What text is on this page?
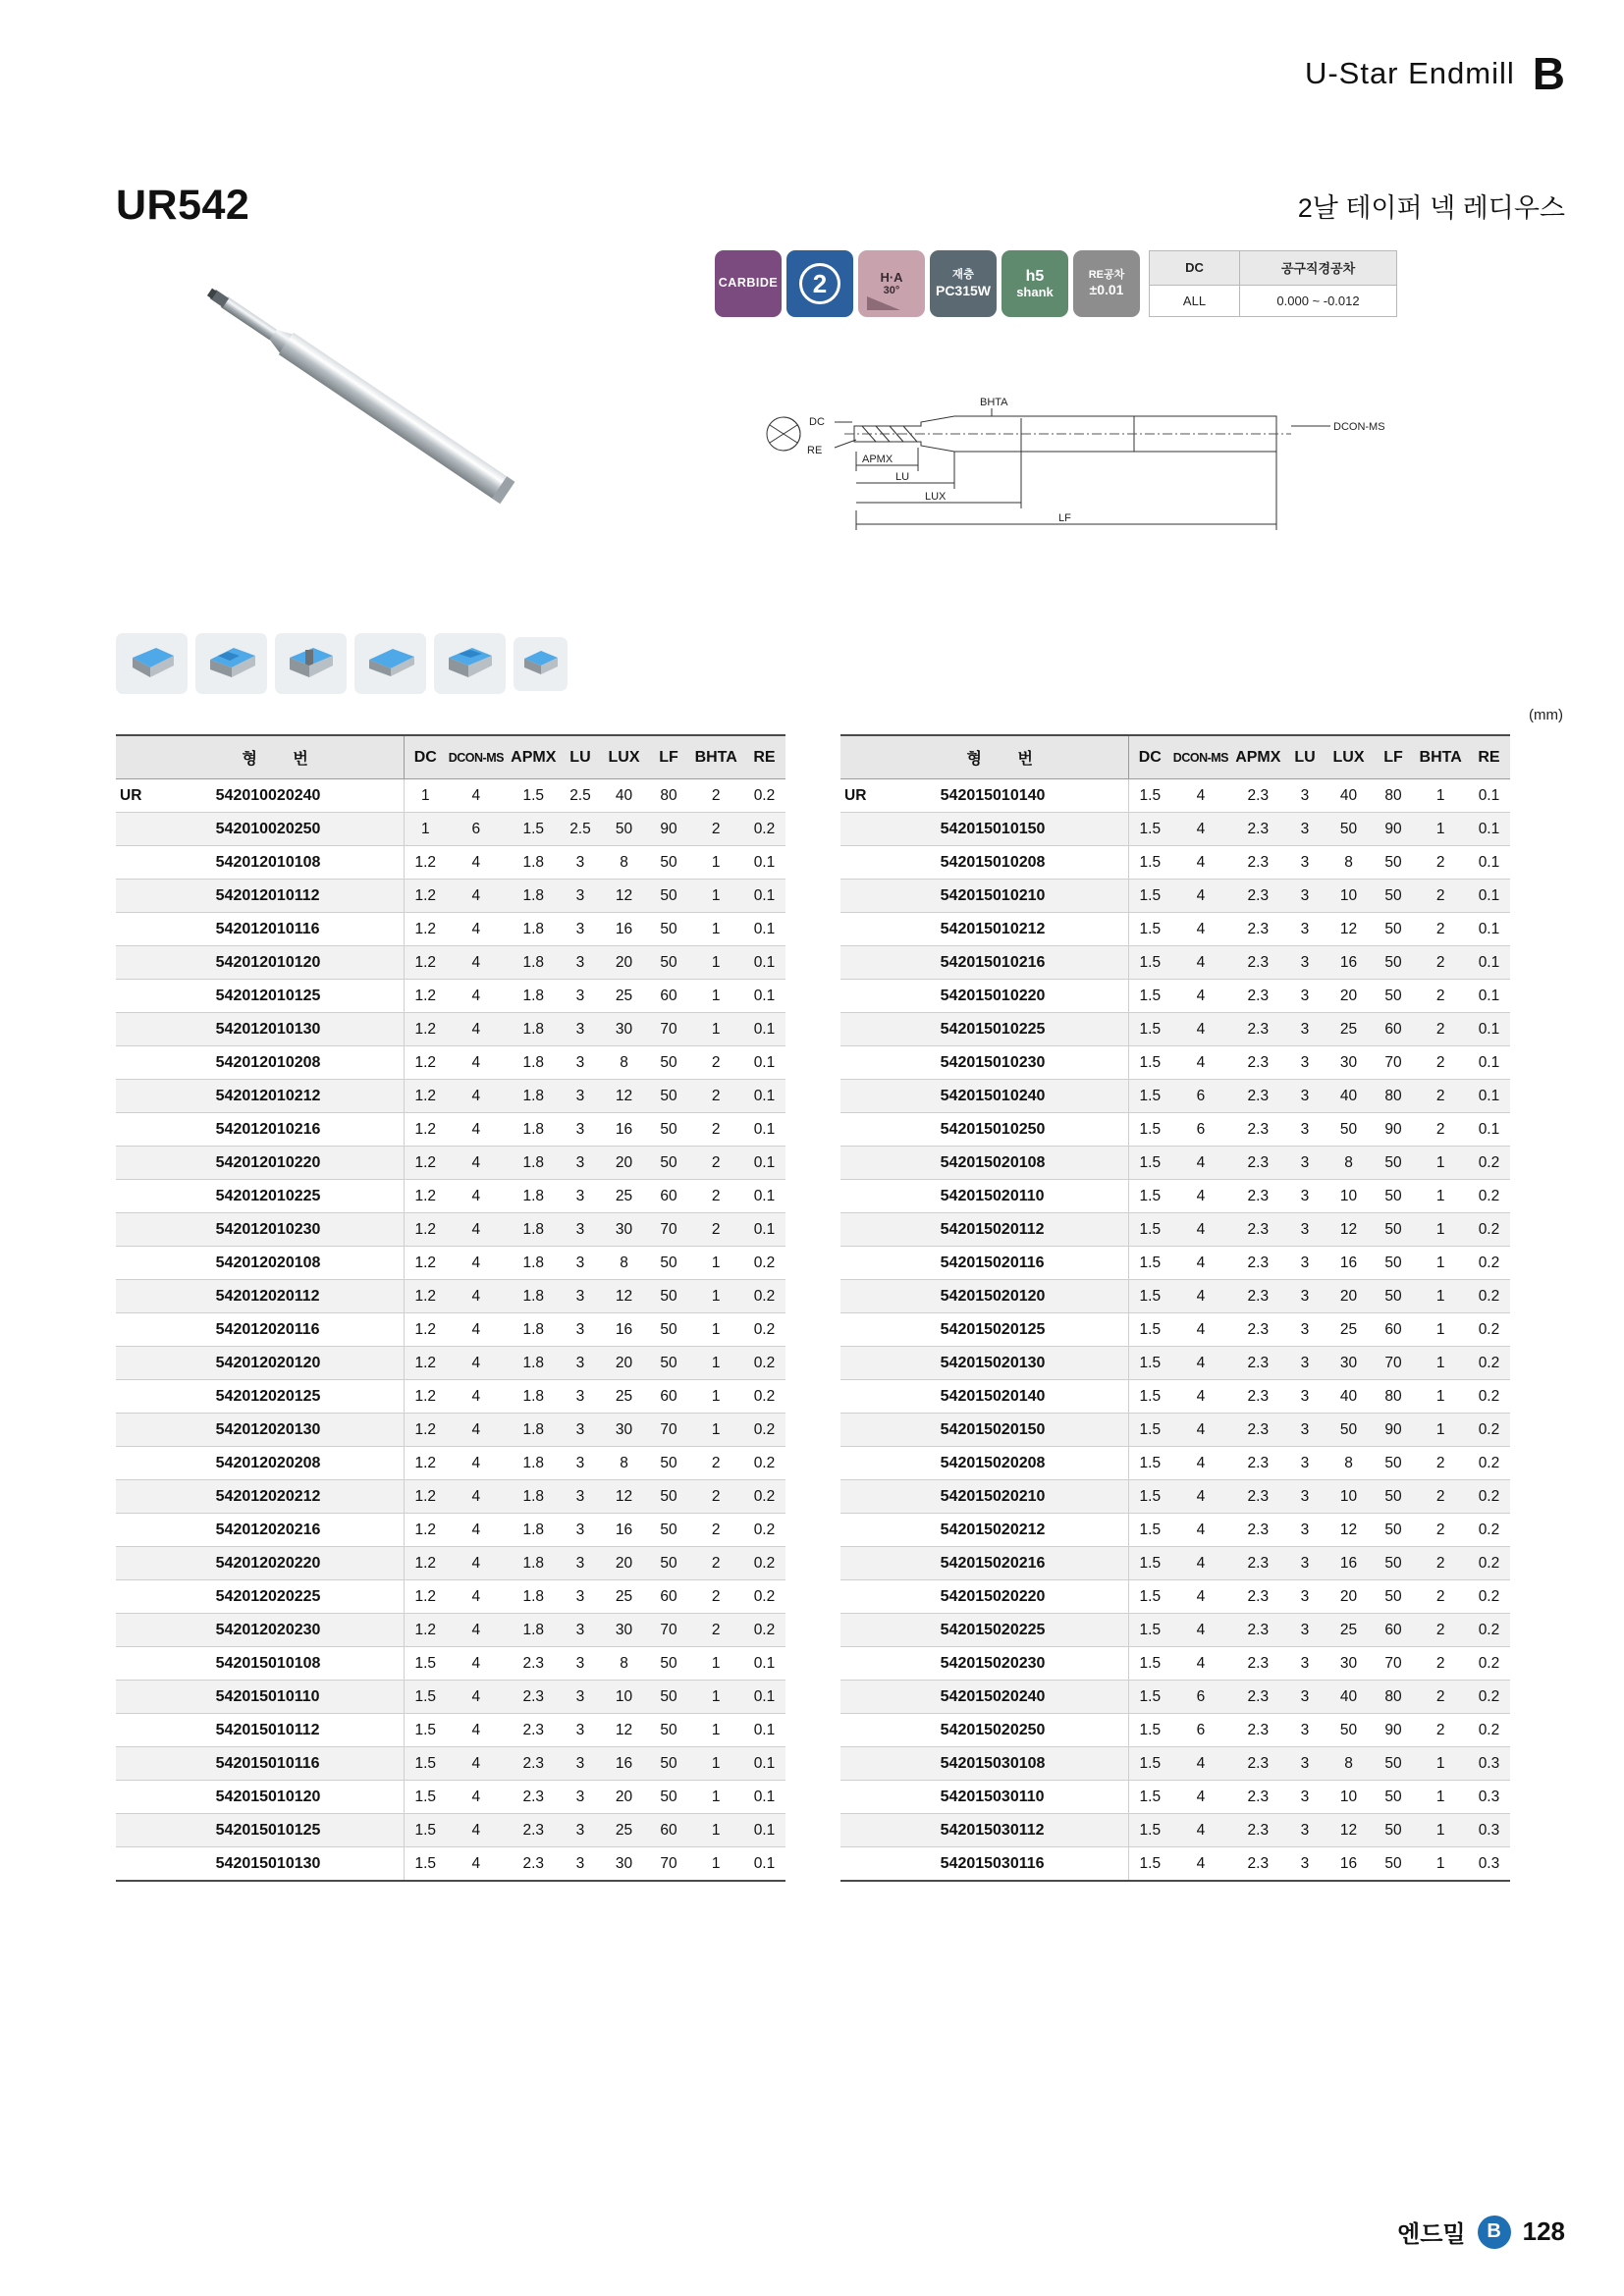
U-Star Endmill B
UR542	2날 테이퍼 넥 레디우스
CARBIDE	2	H·A
30°
재층
PC315W
h5
shank
RE공차
±0.01
DC	공구직경공차
ALL	0.000 ~ -0.012
DC
RE
APMX
LU
LUX
LF
BHTA
DCON-MS
(mm)
	형 번	DC	DCON-MS	APMX	LU	LUX	LF	BHTA	RE
UR	542010020240	1	4	1.5	2.5	40	80	2	0.2
	542010020250	1	6	1.5	2.5	50	90	2	0.2
	542012010108	1.2	4	1.8	3	8	50	1	0.1
	542012010112	1.2	4	1.8	3	12	50	1	0.1
	542012010116	1.2	4	1.8	3	16	50	1	0.1
	542012010120	1.2	4	1.8	3	20	50	1	0.1
	542012010125	1.2	4	1.8	3	25	60	1	0.1
	542012010130	1.2	4	1.8	3	30	70	1	0.1
	542012010208	1.2	4	1.8	3	8	50	2	0.1
	542012010212	1.2	4	1.8	3	12	50	2	0.1
	542012010216	1.2	4	1.8	3	16	50	2	0.1
	542012010220	1.2	4	1.8	3	20	50	2	0.1
	542012010225	1.2	4	1.8	3	25	60	2	0.1
	542012010230	1.2	4	1.8	3	30	70	2	0.1
	542012020108	1.2	4	1.8	3	8	50	1	0.2
	542012020112	1.2	4	1.8	3	12	50	1	0.2
	542012020116	1.2	4	1.8	3	16	50	1	0.2
	542012020120	1.2	4	1.8	3	20	50	1	0.2
	542012020125	1.2	4	1.8	3	25	60	1	0.2
	542012020130	1.2	4	1.8	3	30	70	1	0.2
	542012020208	1.2	4	1.8	3	8	50	2	0.2
	542012020212	1.2	4	1.8	3	12	50	2	0.2
	542012020216	1.2	4	1.8	3	16	50	2	0.2
	542012020220	1.2	4	1.8	3	20	50	2	0.2
	542012020225	1.2	4	1.8	3	25	60	2	0.2
	542012020230	1.2	4	1.8	3	30	70	2	0.2
	542015010108	1.5	4	2.3	3	8	50	1	0.1
	542015010110	1.5	4	2.3	3	10	50	1	0.1
	542015010112	1.5	4	2.3	3	12	50	1	0.1
	542015010116	1.5	4	2.3	3	16	50	1	0.1
	542015010120	1.5	4	2.3	3	20	50	1	0.1
	542015010125	1.5	4	2.3	3	25	60	1	0.1
	542015010130	1.5	4	2.3	3	30	70	1	0.1
	형 번	DC	DCON-MS	APMX	LU	LUX	LF	BHTA	RE
UR	542015010140	1.5	4	2.3	3	40	80	1	0.1
	542015010150	1.5	4	2.3	3	50	90	1	0.1
	542015010208	1.5	4	2.3	3	8	50	2	0.1
	542015010210	1.5	4	2.3	3	10	50	2	0.1
	542015010212	1.5	4	2.3	3	12	50	2	0.1
	542015010216	1.5	4	2.3	3	16	50	2	0.1
	542015010220	1.5	4	2.3	3	20	50	2	0.1
	542015010225	1.5	4	2.3	3	25	60	2	0.1
	542015010230	1.5	4	2.3	3	30	70	2	0.1
	542015010240	1.5	6	2.3	3	40	80	2	0.1
	542015010250	1.5	6	2.3	3	50	90	2	0.1
	542015020108	1.5	4	2.3	3	8	50	1	0.2
	542015020110	1.5	4	2.3	3	10	50	1	0.2
	542015020112	1.5	4	2.3	3	12	50	1	0.2
	542015020116	1.5	4	2.3	3	16	50	1	0.2
	542015020120	1.5	4	2.3	3	20	50	1	0.2
	542015020125	1.5	4	2.3	3	25	60	1	0.2
	542015020130	1.5	4	2.3	3	30	70	1	0.2
	542015020140	1.5	4	2.3	3	40	80	1	0.2
	542015020150	1.5	4	2.3	3	50	90	1	0.2
	542015020208	1.5	4	2.3	3	8	50	2	0.2
	542015020210	1.5	4	2.3	3	10	50	2	0.2
	542015020212	1.5	4	2.3	3	12	50	2	0.2
	542015020216	1.5	4	2.3	3	16	50	2	0.2
	542015020220	1.5	4	2.3	3	20	50	2	0.2
	542015020225	1.5	4	2.3	3	25	60	2	0.2
	542015020230	1.5	4	2.3	3	30	70	2	0.2
	542015020240	1.5	6	2.3	3	40	80	2	0.2
	542015020250	1.5	6	2.3	3	50	90	2	0.2
	542015030108	1.5	4	2.3	3	8	50	1	0.3
	542015030110	1.5	4	2.3	3	10	50	1	0.3
	542015030112	1.5	4	2.3	3	12	50	1	0.3
	542015030116	1.5	4	2.3	3	16	50	1	0.3
엔드밀	B 128
